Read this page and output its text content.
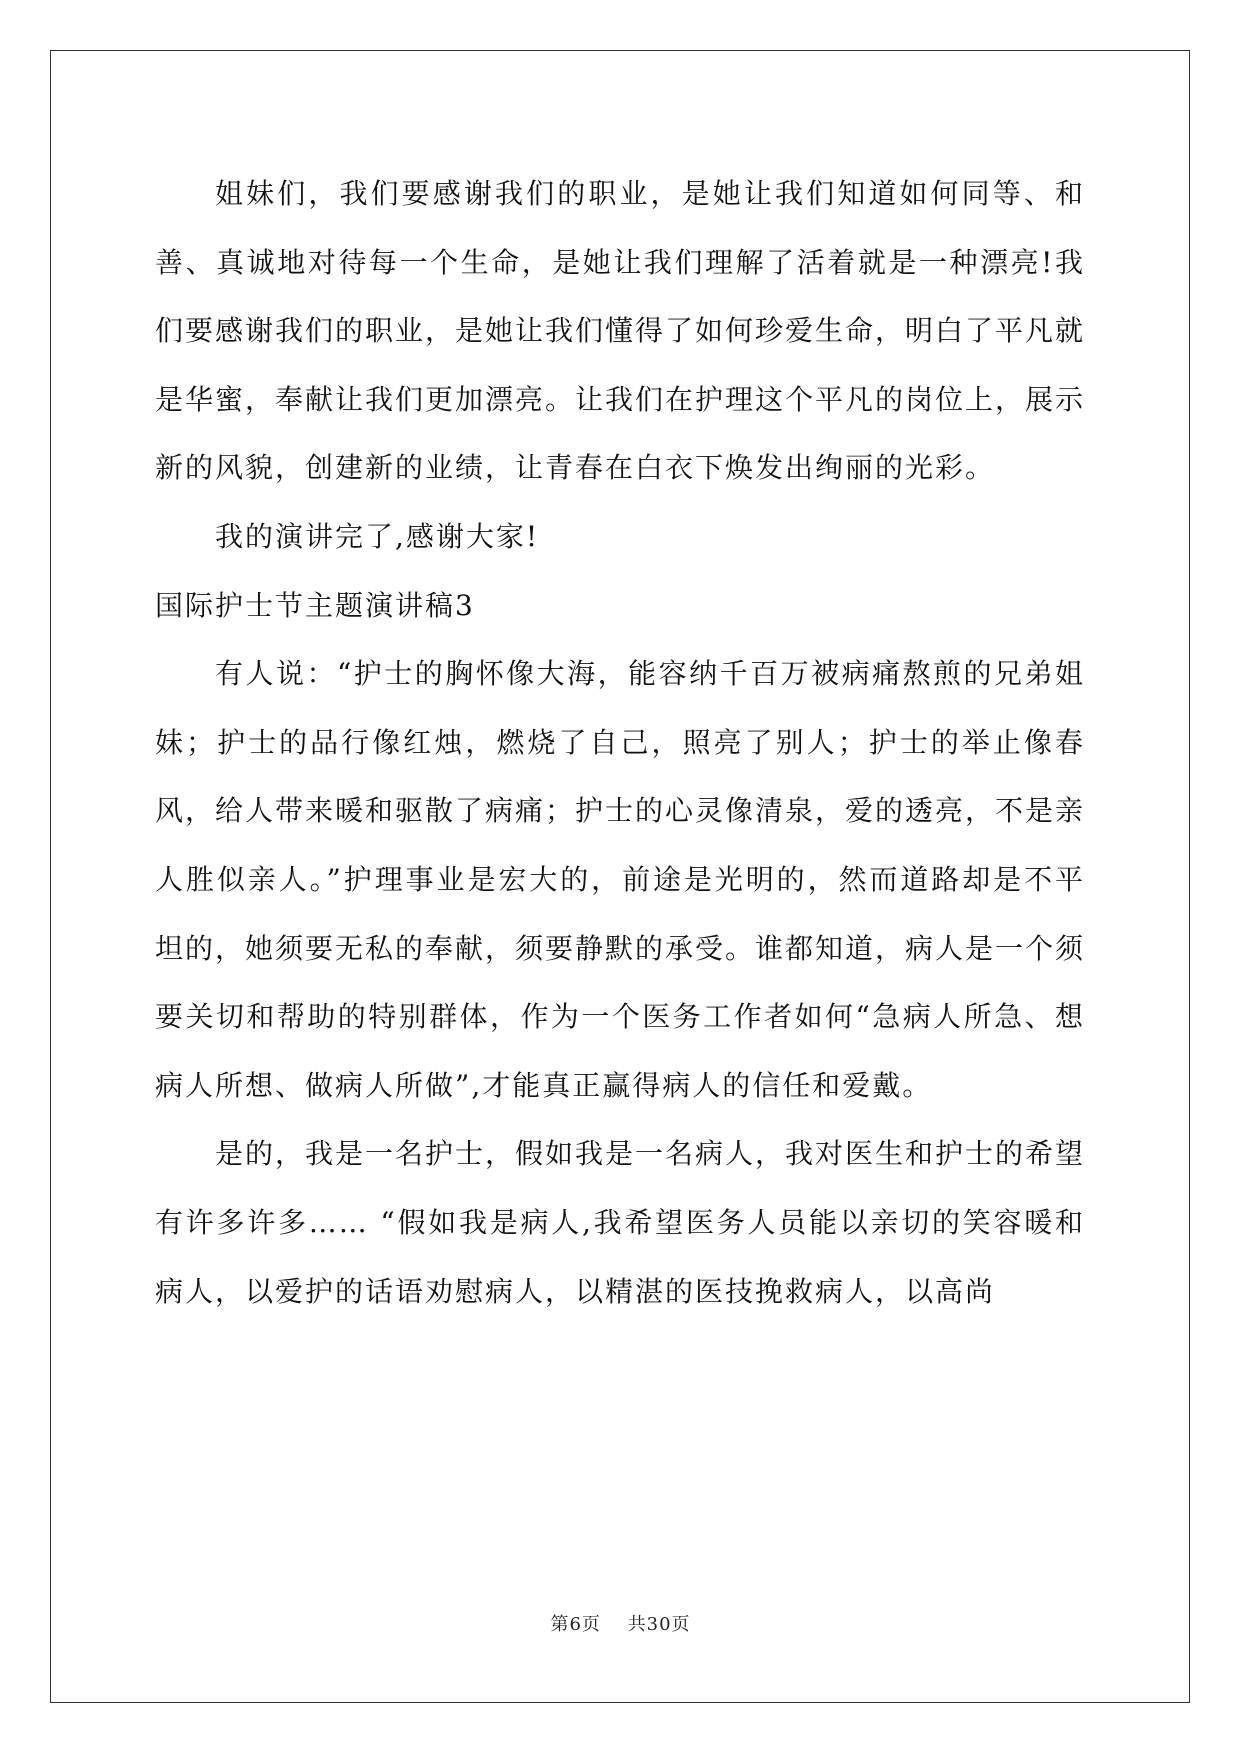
姐妹们，我们要感谢我们的职业，是她让我们知道如何同等、和善、真诚地对待每一个生命，是她让我们理解了活着就是一种漂亮!我们要感谢我们的职业，是她让我们懂得了如何珍爱生命，明白了平凡就是华蜜，奉献让我们更加漂亮。让我们在护理这个平凡的岗位上，展示新的风貌，创建新的业绩，让青春在白衣下焕发出绚丽的光彩。

我的演讲完了,感谢大家!

国际护士节主题演讲稿3

有人说：“护士的胸怀像大海，能容纳千百万被病痛熬煎的兄弟姐妹；护士的品行像红烛，燃烧了自己，照亮了别人；护士的举止像春风，给人带来暖和驱散了病痛；护士的心灵像清泉，爱的透亮，不是亲人胜似亲人。”护理事业是宏大的，前途是光明的，然而道路却是不平坦的，她须要无私的奉献，须要静默的承受。谁都知道，病人是一个须要关切和帮助的特别群体，作为一个医务工作者如何“急病人所急、想病人所想、做病人所做”,才能真正赢得病人的信任和爱戴。

是的，我是一名护士，假如我是一名病人，我对医生和护士的希望有许多许多…… “假如我是病人,我希望医务人员能以亲切的笑容暖和病人，以爱护的话语劝慰病人，以精湛的医技挽救病人，以高尚

第6页 共30页
